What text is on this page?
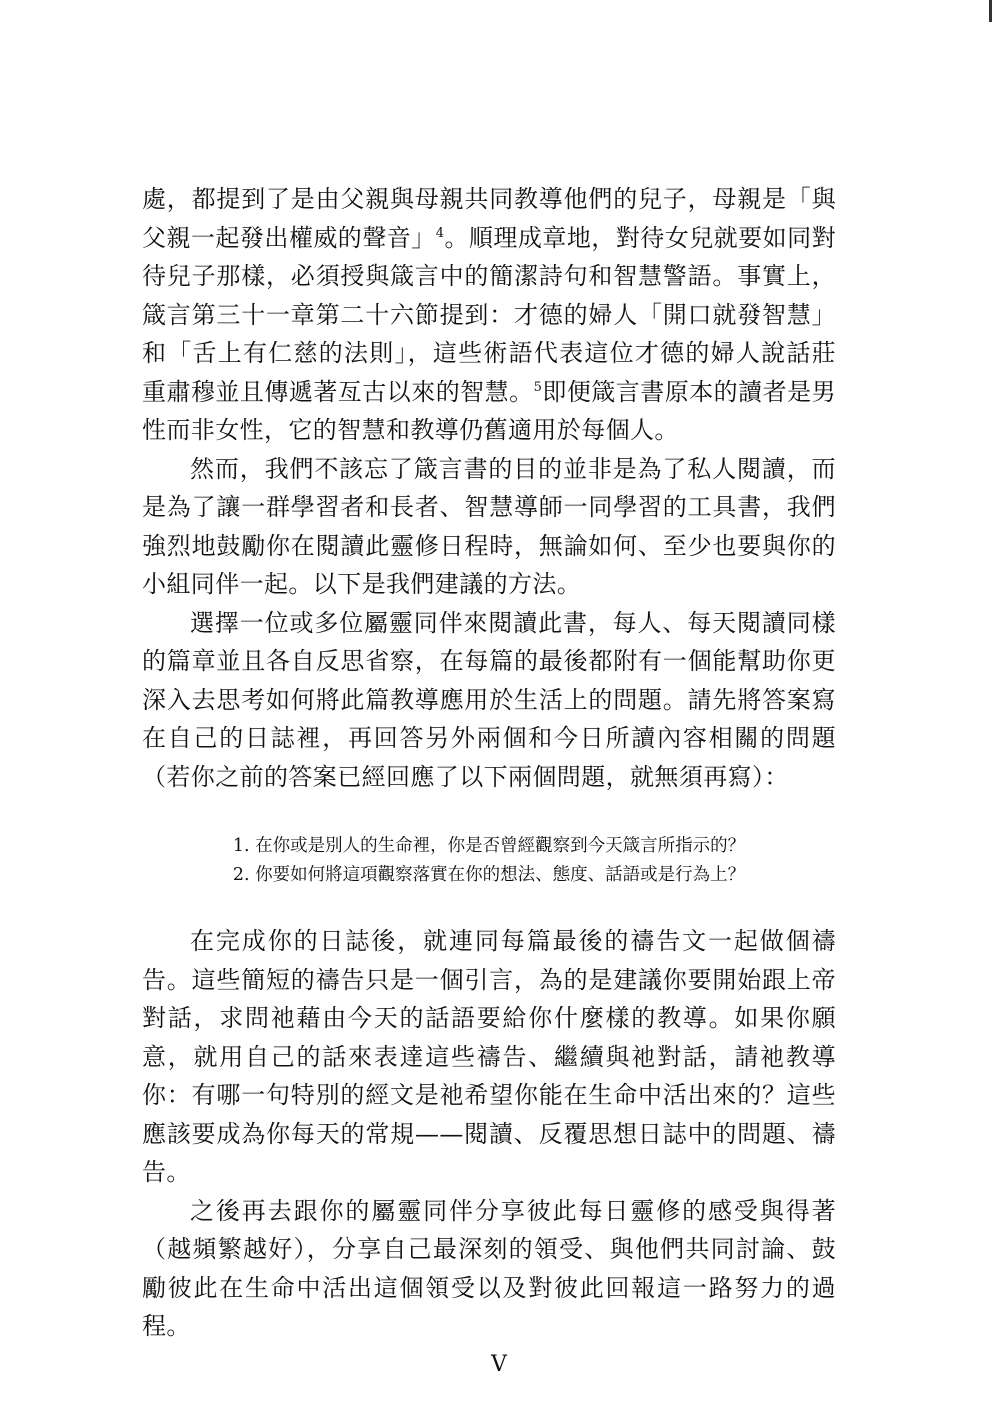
處，都提到了是由父親與母親共同教導他們的兒子，母親是「與父親一起發出權威的聲音」$^4$。順理成章地，對待女兒就要如同對待兒子那樣，必須授與箴言中的簡潔詩句和智慧警語。事實上，箴言第三十一章第二十六節提到：才德的婦人「開口就發智慧」和「舌上有仁慈的法則」，這些術語代表這位才德的婦人說話莊重肅穆並且傳遞著亙古以來的智慧。$^5$即便箴言書原本的讀者是男性而非女性，它的智慧和教導仍舊適用於每個人。

然而，我們不該忘了箴言書的目的並非是為了私人閱讀，而是為了讓一群學習者和長者、智慧導師一同學習的工具書，我們強烈地鼓勵你在閱讀此靈修日程時，無論如何、至少也要與你的小組同伴一起。以下是我們建議的方法。

選擇一位或多位屬靈同伴來閱讀此書，每人、每天閱讀同樣的篇章並且各自反思省察，在每篇的最後都附有一個能幫助你更深入去思考如何將此篇教導應用於生活上的問題。請先將答案寫在自己的日誌裡，再回答另外兩個和今日所讀內容相關的問題（若你之前的答案已經回應了以下兩個問題，就無須再寫）：

1. 在你或是別人的生命裡，你是否曾經觀察到今天箴言所指示的？
2. 你要如何將這項觀察落實在你的想法、態度、話語或是行為上？

在完成你的日誌後，就連同每篇最後的禱告文一起做個禱告。這些簡短的禱告只是一個引言，為的是建議你要開始跟上帝對話，求問祂藉由今天的話語要給你什麼樣的教導。如果你願意，就用自己的話來表達這些禱告、繼續與祂對話，請祂教導你：有哪一句特別的經文是祂希望你能在生命中活出來的？這些應該要成為你每天的常規——閱讀、反覆思想日誌中的問題、禱告。

之後再去跟你的屬靈同伴分享彼此每日靈修的感受與得著（越頻繁越好），分享自己最深刻的領受、與他們共同討論、鼓勵彼此在生命中活出這個領受以及對彼此回報這一路努力的過程。

V
